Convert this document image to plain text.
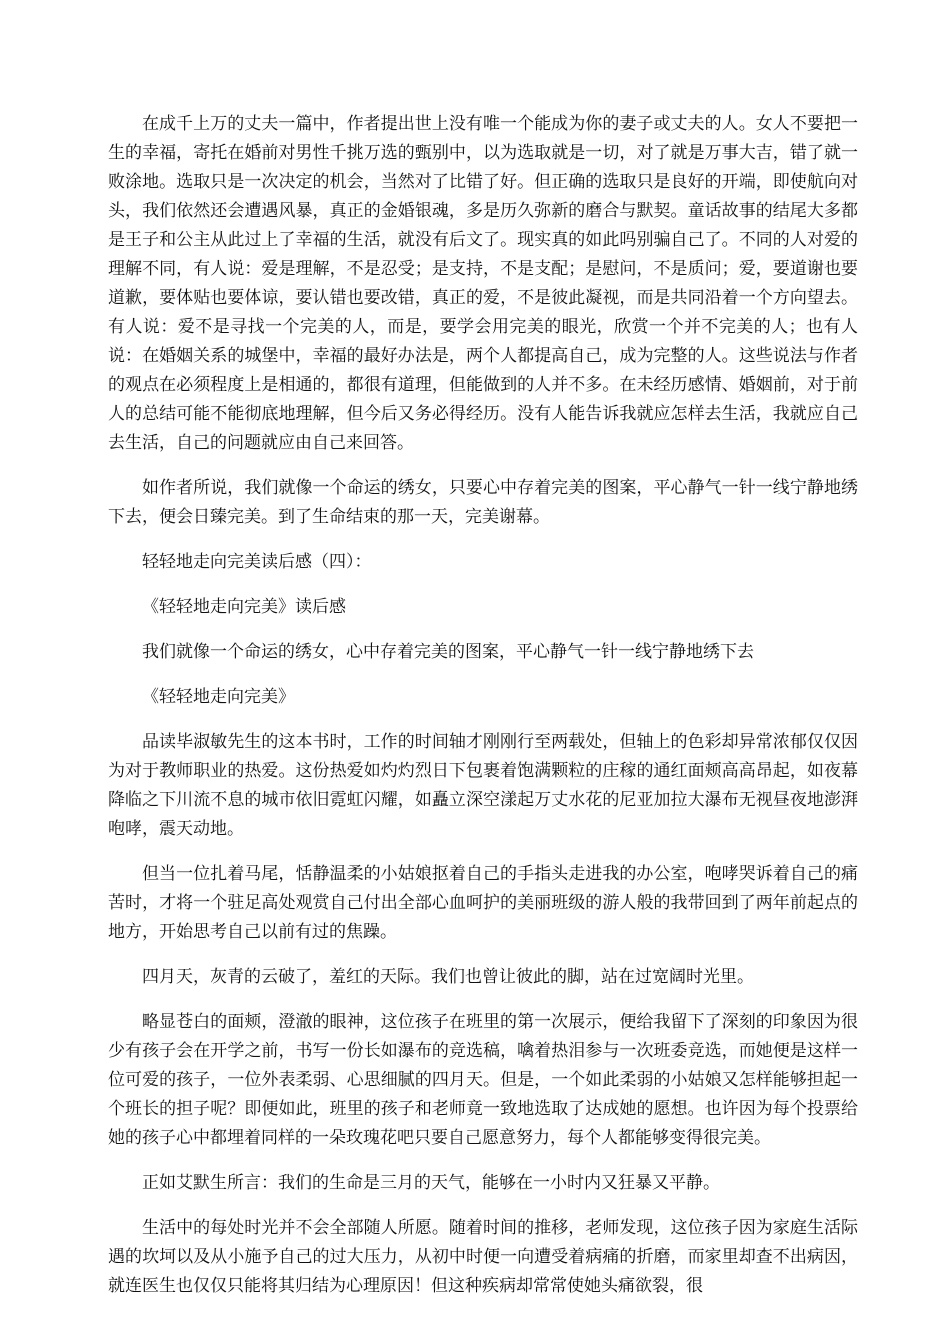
在成千上万的丈夫一篇中，作者提出世上没有唯一个能成为你的妻子或丈夫的人。女人不要把一生的幸福，寄托在婚前对男性千挑万选的甄别中，以为选取就是一切，对了就是万事大吉，错了就一败涂地。选取只是一次决定的机会，当然对了比错了好。但正确的选取只是良好的开端，即使航向对头，我们依然还会遭遇风暴，真正的金婚银魂，多是历久弥新的磨合与默契。童话故事的结尾大多都是王子和公主从此过上了幸福的生活，就没有后文了。现实真的如此吗别骗自己了。不同的人对爱的理解不同，有人说：爱是理解，不是忍受；是支持，不是支配；是慰问，不是质问；爱，要道谢也要道歉，要体贴也要体谅，要认错也要改错，真正的爱，不是彼此凝视，而是共同沿着一个方向望去。有人说：爱不是寻找一个完美的人，而是，要学会用完美的眼光，欣赏一个并不完美的人；也有人说：在婚姻关系的城堡中，幸福的最好办法是，两个人都提高自己，成为完整的人。这些说法与作者的观点在必须程度上是相通的，都很有道理，但能做到的人并不多。在未经历感情、婚姻前，对于前人的总结可能不能彻底地理解，但今后又务必得经历。没有人能告诉我就应怎样去生活，我就应自己去生活，自己的问题就应由自己来回答。

如作者所说，我们就像一个命运的绣女，只要心中存着完美的图案，平心静气一针一线宁静地绣下去，便会日臻完美。到了生命结束的那一天，完美谢幕。

轻轻地走向完美读后感（四）：

《轻轻地走向完美》读后感

我们就像一个命运的绣女，心中存着完美的图案，平心静气一针一线宁静地绣下去

《轻轻地走向完美》

品读毕淑敏先生的这本书时，工作的时间轴才刚刚行至两载处，但轴上的色彩却异常浓郁仅仅因为对于教师职业的热爱。这份热爱如灼灼烈日下包裹着饱满颗粒的庄稼的通红面颊高高昂起，如夜幕降临之下川流不息的城市依旧霓虹闪耀，如矗立深空漾起万丈水花的尼亚加拉大瀑布无视昼夜地澎湃咆哮，震天动地。

但当一位扎着马尾，恬静温柔的小姑娘抠着自己的手指头走进我的办公室，咆哮哭诉着自己的痛苦时，才将一个驻足高处观赏自己付出全部心血呵护的美丽班级的游人般的我带回到了两年前起点的地方，开始思考自己以前有过的焦躁。

四月天，灰青的云破了，羞红的天际。我们也曾让彼此的脚，站在过宽阔时光里。

略显苍白的面颊，澄澈的眼神，这位孩子在班里的第一次展示，便给我留下了深刻的印象因为很少有孩子会在开学之前，书写一份长如瀑布的竞选稿，噙着热泪参与一次班委竞选，而她便是这样一位可爱的孩子，一位外表柔弱、心思细腻的四月天。但是，一个如此柔弱的小姑娘又怎样能够担起一个班长的担子呢？即便如此，班里的孩子和老师竟一致地选取了达成她的愿想。也许因为每个投票给她的孩子心中都埋着同样的一朵玫瑰花吧只要自己愿意努力，每个人都能够变得很完美。

正如艾默生所言：我们的生命是三月的天气，能够在一小时内又狂暴又平静。

生活中的每处时光并不会全部随人所愿。随着时间的推移，老师发现，这位孩子因为家庭生活际遇的坎坷以及从小施予自己的过大压力，从初中时便一向遭受着病痛的折磨，而家里却查不出病因，就连医生也仅仅只能将其归结为心理原因！但这种疾病却常常使她头痛欲裂，很
